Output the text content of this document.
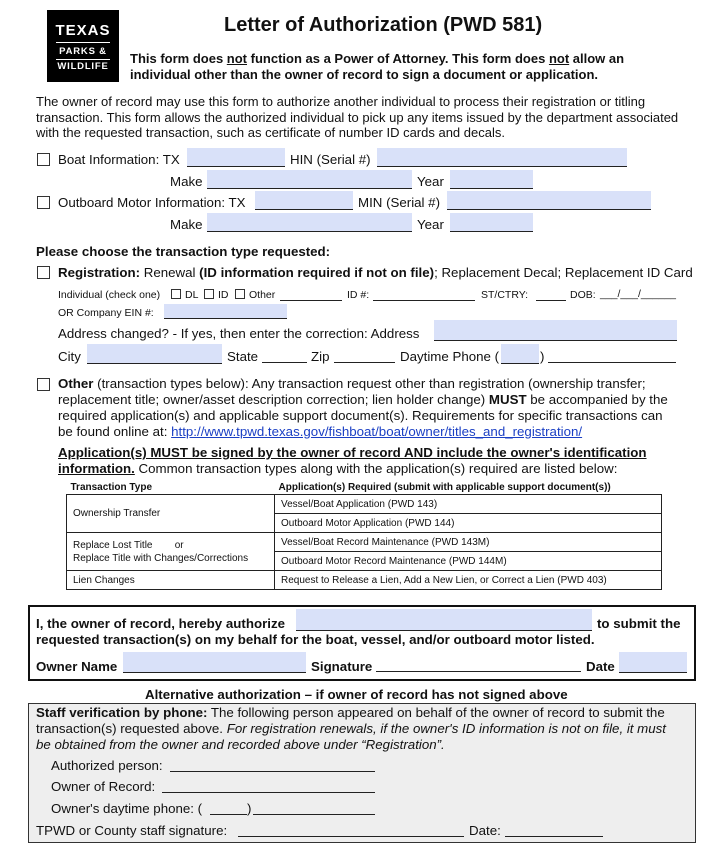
TEXAS
PARKS &
WILDLIFE
Letter of Authorization (PWD 581)
This form does not function as a Power of Attorney. This form does not allow an
individual other than the owner of record to sign a document or application.
The owner of record may use this form to authorize another individual to process their registration or titling transaction. This form allows the authorized individual to pick up any items issued by the department associated with the requested transaction, such as certificate of number ID cards and decals.
Boat Information: TX	HIN (Serial #)
Make	Year
Outboard Motor Information: TX	MIN (Serial #)
Make	Year
Please choose the transaction type requested:
Registration: Renewal (ID information required if not on file); Replacement Decal; Replacement ID Card
Individual (check one) DL ID Other	ID #:	ST/CTRY:	DOB: ___/___/______
OR Company EIN #:
Address changed? - If yes, then enter the correction: Address
City	State	Zip	Daytime Phone (	)
Other (transaction types below): Any transaction request other than registration (ownership transfer;
replacement title; owner/asset description correction; lien holder change) MUST be accompanied by the
required application(s) and applicable support document(s). Requirements for specific transactions can
be found online at: http://www.tpwd.texas.gov/fishboat/boat/owner/titles_and_registration/
Application(s) MUST be signed by the owner of record AND include the owner's identification
information. Common transaction types along with the application(s) required are listed below:
Transaction Type	Application(s) Required (submit with applicable support document(s))
Ownership Transfer	Vessel/Boat Application (PWD 143)
	Outboard Motor Application (PWD 144)

Replace Lost Title        or
Replace Title with Changes/Corrections	Vessel/Boat Record Maintenance (PWD 143M)
	Outboard Motor Record Maintenance (PWD 144M)
Lien Changes	Request to Release a Lien, Add a New Lien, or Correct a Lien (PWD 403)
I, the owner of record, hereby authorize	to submit the
requested transaction(s) on my behalf for the boat, vessel, and/or outboard motor listed.
Owner Name	Signature	Date
Alternative authorization – if owner of record has not signed above
Staff verification by phone: The following person appeared on behalf of the owner of record to submit the
transaction(s) requested above. For registration renewals, if the owner's ID information is not on file, it must
be obtained from the owner and recorded above under “Registration”.
Authorized person:
Owner of Record:
Owner's daytime phone: (	)
TPWD or County staff signature:	Date:
